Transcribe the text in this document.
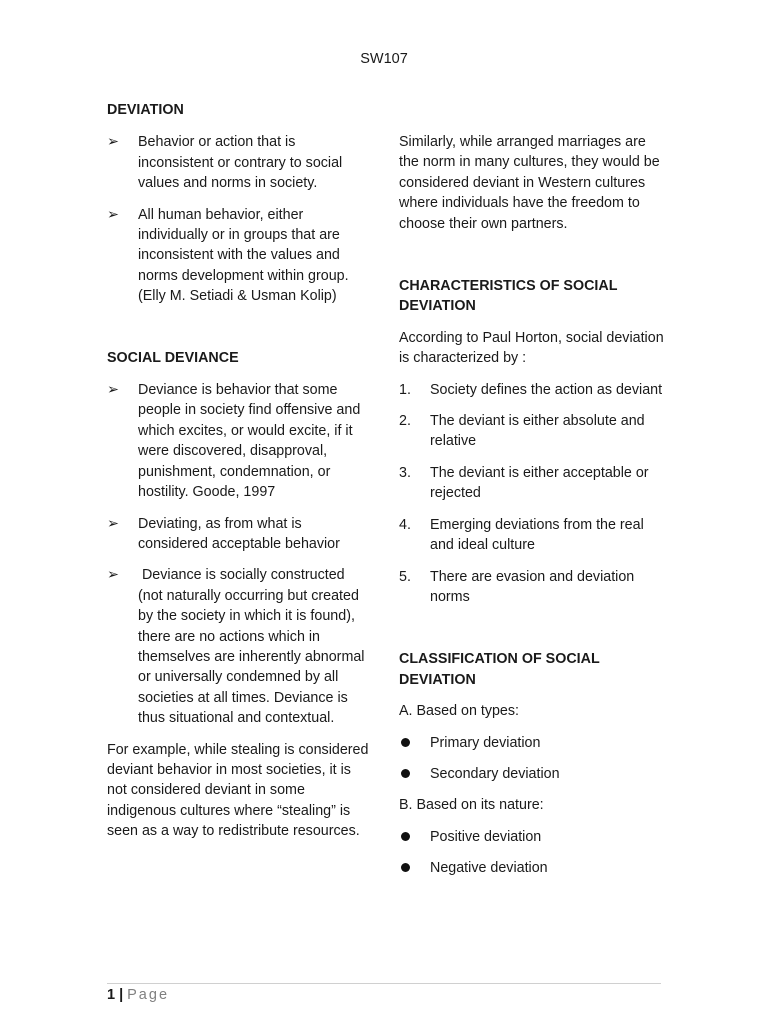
SW107
DEVIATION
➢	Behavior or action that is inconsistent or contrary to social values and norms in society.
➢	All human behavior, either individually or in groups that are inconsistent with the values and norms development within group. (Elly M. Setiadi & Usman Kolip)
SOCIAL DEVIANCE
➢	Deviance is behavior that some people in society find offensive and which excites, or would excite, if it were discovered, disapproval, punishment, condemnation, or hostility. Goode, 1997
➢	Deviating, as from what is considered acceptable behavior
➢	Deviance is socially constructed (not naturally occurring but created by the society in which it is found), there are no actions which in themselves are inherently abnormal or universally condemned by all societies at all times. Deviance is thus situational and contextual.
For example, while stealing is considered deviant behavior in most societies, it is not considered deviant in some indigenous cultures where “stealing” is seen as a way to redistribute resources.
Similarly, while arranged marriages are the norm in many cultures, they would be considered deviant in Western cultures where individuals have the freedom to choose their own partners.
CHARACTERISTICS OF SOCIAL DEVIATION
According to Paul Horton, social deviation is characterized by :
1.	Society defines the action as deviant
2.	The deviant is either absolute and relative
3.	The deviant is either acceptable or rejected
4.	Emerging deviations from the real and ideal culture
5.	There are evasion and deviation norms
CLASSIFICATION OF SOCIAL DEVIATION
A. Based on types:
Primary deviation
Secondary deviation
B. Based on its nature:
Positive deviation
Negative deviation
1 | Page
